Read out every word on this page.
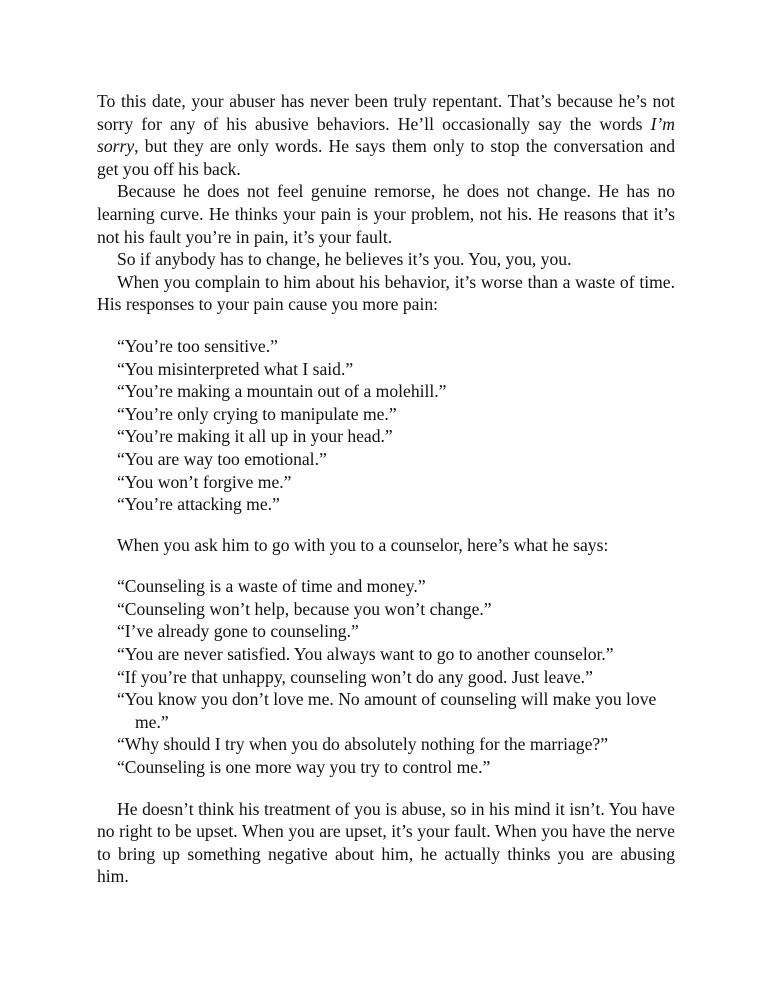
To this date, your abuser has never been truly repentant. That’s because he’s not sorry for any of his abusive behaviors. He’ll occasionally say the words I’m sorry, but they are only words. He says them only to stop the conversation and get you off his back.

Because he does not feel genuine remorse, he does not change. He has no learning curve. He thinks your pain is your problem, not his. He reasons that it’s not his fault you’re in pain, it’s your fault.

So if anybody has to change, he believes it’s you. You, you, you.

When you complain to him about his behavior, it’s worse than a waste of time. His responses to your pain cause you more pain:

“You’re too sensitive.”
“You misinterpreted what I said.”
“You’re making a mountain out of a molehill.”
“You’re only crying to manipulate me.”
“You’re making it all up in your head.”
“You are way too emotional.”
“You won’t forgive me.”
“You’re attacking me.”

When you ask him to go with you to a counselor, here’s what he says:

“Counseling is a waste of time and money.”
“Counseling won’t help, because you won’t change.”
“I’ve already gone to counseling.”
“You are never satisfied. You always want to go to another counselor.”
“If you’re that unhappy, counseling won’t do any good. Just leave.”
“You know you don’t love me. No amount of counseling will make you love me.”
“Why should I try when you do absolutely nothing for the marriage?”
“Counseling is one more way you try to control me.”

He doesn’t think his treatment of you is abuse, so in his mind it isn’t. You have no right to be upset. When you are upset, it’s your fault. When you have the nerve to bring up something negative about him, he actually thinks you are abusing him.
